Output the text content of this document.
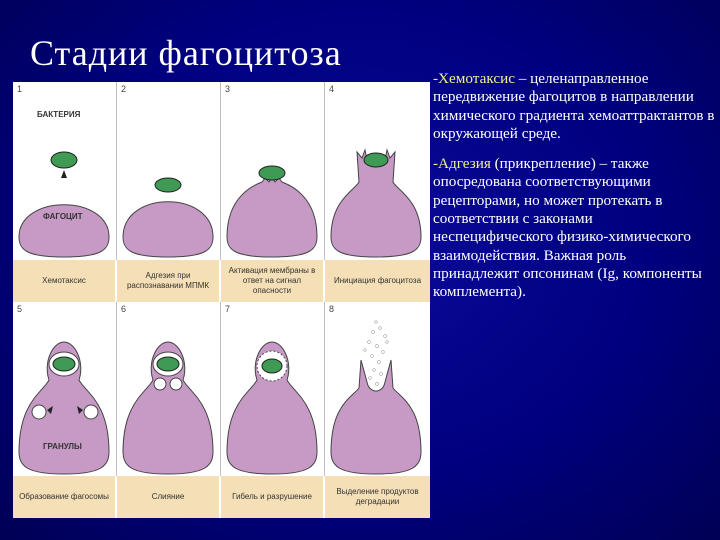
Стадии фагоцитоза
1
БАКТЕРИЯ
ФАГОЦИТ
2	3	4
Хемотаксис
Адгезия при распознавании МПМК
Активация мембраны в ответ на сигнал опасности
Инициация фагоцитоза
5
ГРАНУЛЫ
6	7	8
Образование фагосомы	Слияние	Гибель и разрушение
Выделение продуктов деградации

-Хемотаксис – целенаправленное передвижение фагоцитов в направлении химического градиента хемоаттрактантов в окружающей среде.

-Адгезия (прикрепление) – также опосредована соответствующими рецепторами, но может протекать в соответствии с законами неспецифического физико-химического взаимодействия. Важная роль принадлежит опсонинам (Ig, компоненты комплемента).
